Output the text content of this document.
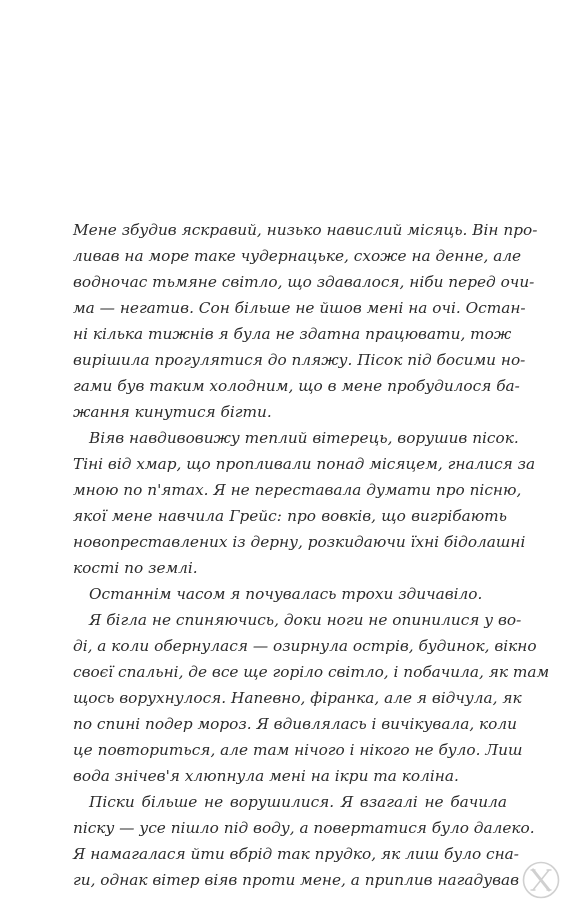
Мене збудив яскравий, низько навислий місяць. Він про-
ливав на море таке чудернацьке, схоже на денне, але
водночас тьмяне світло, що здавалося, ніби перед очи-
ма — негатив. Сон більше не йшов мені на очі. Остан-
ні кілька тижнів я була не здатна працювати, тож
вирішила прогулятися до пляжу. Пісок під босими но-
гами був таким холодним, що в мене пробудилося ба-
жання кинутися бігти.
Віяв навдивовижу теплий вітерець, ворушив пісок.
Тіні від хмар, що пропливали понад місяцем, гналися за
мною по п'ятах. Я не переставала думати про пісню,
якої мене навчила Грейс: про вовків, що вигрібають
новопреставлених із дерну, розкидаючи їхні бідолашні
кості по землі.
Останнім часом я почувалась трохи здичавіло.
Я бігла не спиняючись, доки ноги не опинилися у во-
ді, а коли обернулася — озирнула острів, будинок, вікно
своєї спальні, де все ще горіло світло, і побачила, як там
щось ворухнулося. Напевно, фіранка, але я відчула, як
по спині подер мороз. Я вдивлялась і вичікувала, коли
це повториться, але там нічого і нікого не було. Лиш
вода знічев'я хлюпнула мені на ікри та коліна.
Піски більше не ворушилися. Я взагалі не бачила
піску — усе пішло під воду, а повертатися було далеко.
Я намагалася йти вбрід так прудко, як лиш було сна-
ги, однак вітер віяв проти мене, а приплив нагадував
